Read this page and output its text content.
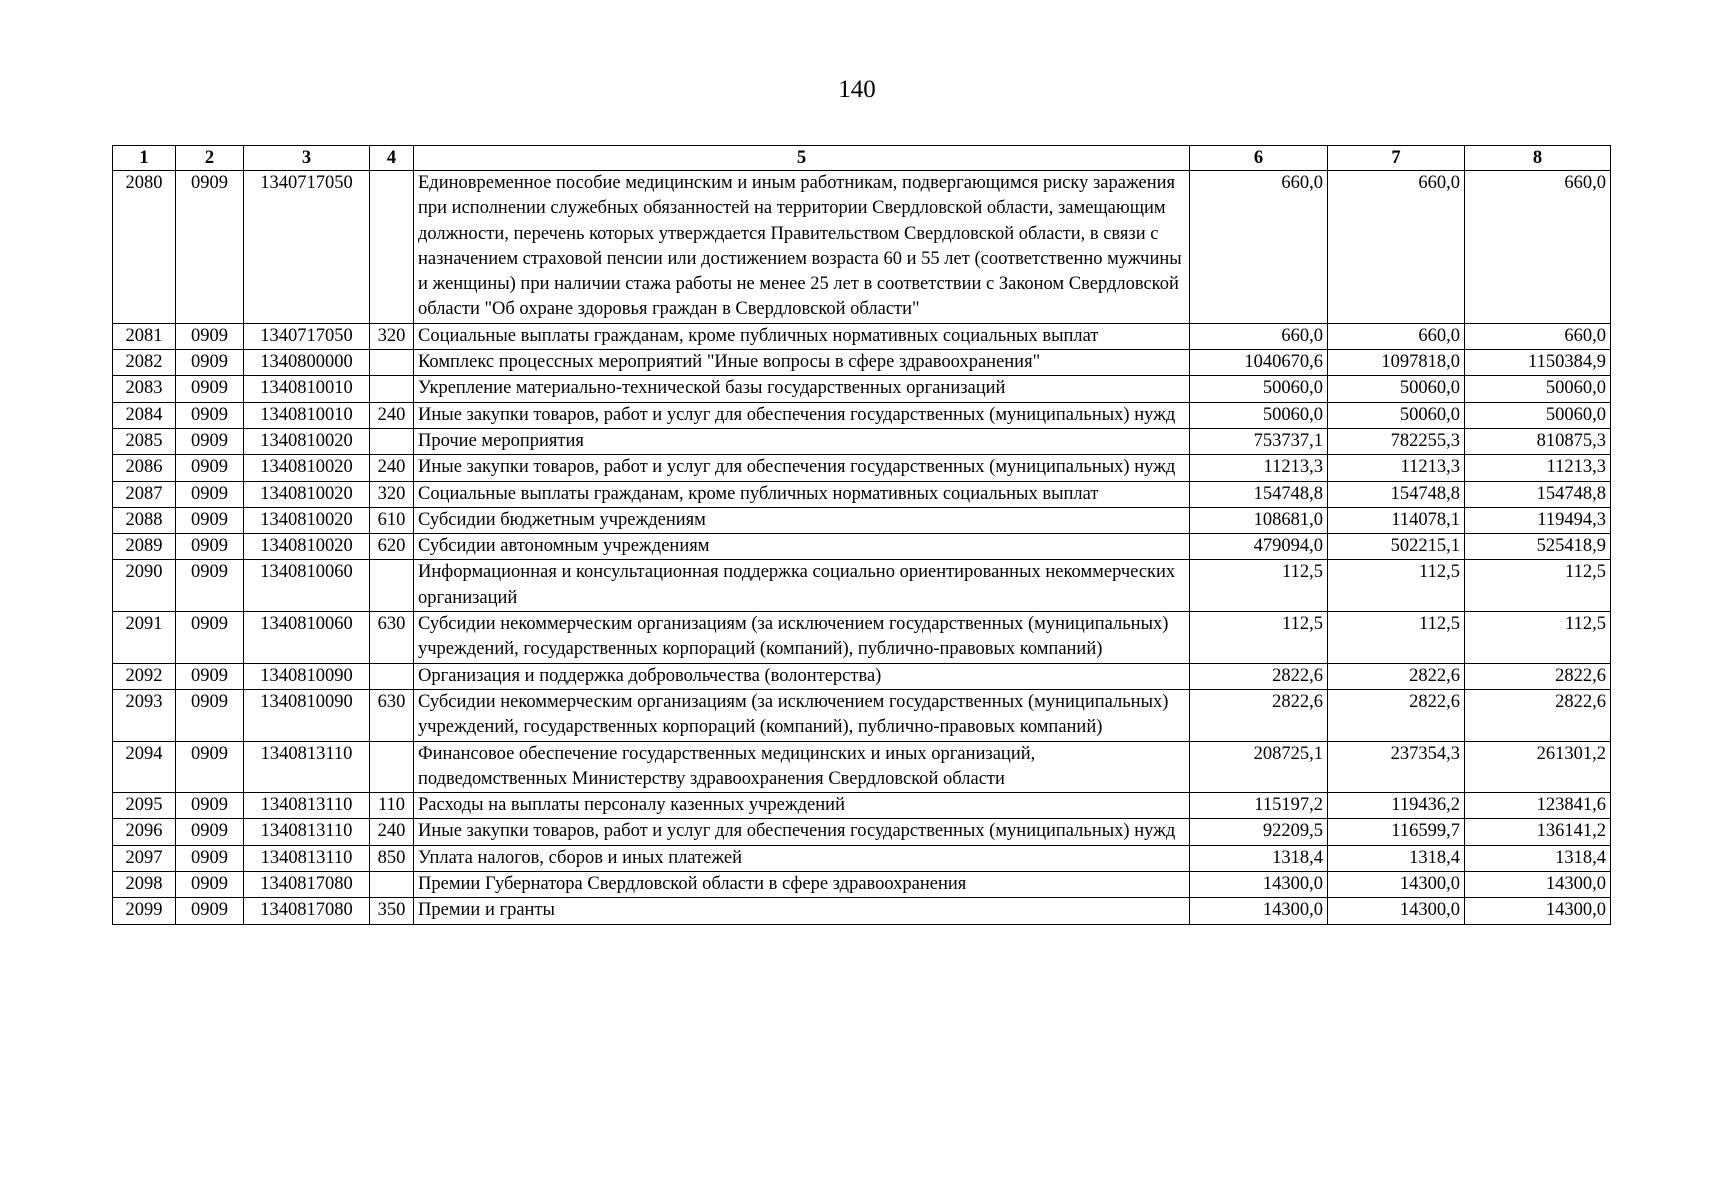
140
1	2	3	4	5	6	7	8
2080	0909	1340717050		Единовременное пособие медицинским и иным работникам, подвергающимся риску заражения при исполнении служебных обязанностей на территории Свердловской области, замещающим должности, перечень которых утверждается Правительством Свердловской области, в связи с назначением страховой пенсии или достижением возраста 60 и 55 лет (соответственно мужчины и женщины) при наличии стажа работы не менее 25 лет в соответствии с Законом Свердловской области "Об охране здоровья граждан в Свердловской области"	660,0	660,0	660,0
2081	0909	1340717050	320	Социальные выплаты гражданам, кроме публичных нормативных социальных выплат	660,0	660,0	660,0
2082	0909	1340800000		Комплекс процессных мероприятий "Иные вопросы в сфере здравоохранения"	1040670,6	1097818,0	1150384,9
2083	0909	1340810010		Укрепление материально-технической базы государственных организаций	50060,0	50060,0	50060,0
2084	0909	1340810010	240	Иные закупки товаров, работ и услуг для обеспечения государственных (муниципальных) нужд	50060,0	50060,0	50060,0
2085	0909	1340810020		Прочие мероприятия	753737,1	782255,3	810875,3
2086	0909	1340810020	240	Иные закупки товаров, работ и услуг для обеспечения государственных (муниципальных) нужд	11213,3	11213,3	11213,3
2087	0909	1340810020	320	Социальные выплаты гражданам, кроме публичных нормативных социальных выплат	154748,8	154748,8	154748,8
2088	0909	1340810020	610	Субсидии бюджетным учреждениям	108681,0	114078,1	119494,3
2089	0909	1340810020	620	Субсидии автономным учреждениям	479094,0	502215,1	525418,9
2090	0909	1340810060		Информационная и консультационная поддержка социально ориентированных некоммерческих организаций	112,5	112,5	112,5
2091	0909	1340810060	630	Субсидии некоммерческим организациям (за исключением государственных (муниципальных) учреждений, государственных корпораций (компаний), публично-правовых компаний)	112,5	112,5	112,5
2092	0909	1340810090		Организация и поддержка добровольчества (волонтерства)	2822,6	2822,6	2822,6
2093	0909	1340810090	630	Субсидии некоммерческим организациям (за исключением государственных (муниципальных) учреждений, государственных корпораций (компаний), публично-правовых компаний)	2822,6	2822,6	2822,6
2094	0909	1340813110		Финансовое обеспечение государственных медицинских и иных организаций, подведомственных Министерству здравоохранения Свердловской области	208725,1	237354,3	261301,2
2095	0909	1340813110	110	Расходы на выплаты персоналу казенных учреждений	115197,2	119436,2	123841,6
2096	0909	1340813110	240	Иные закупки товаров, работ и услуг для обеспечения государственных (муниципальных) нужд	92209,5	116599,7	136141,2
2097	0909	1340813110	850	Уплата налогов, сборов и иных платежей	1318,4	1318,4	1318,4
2098	0909	1340817080		Премии Губернатора Свердловской области в сфере здравоохранения	14300,0	14300,0	14300,0
2099	0909	1340817080	350	Премии и гранты	14300,0	14300,0	14300,0
